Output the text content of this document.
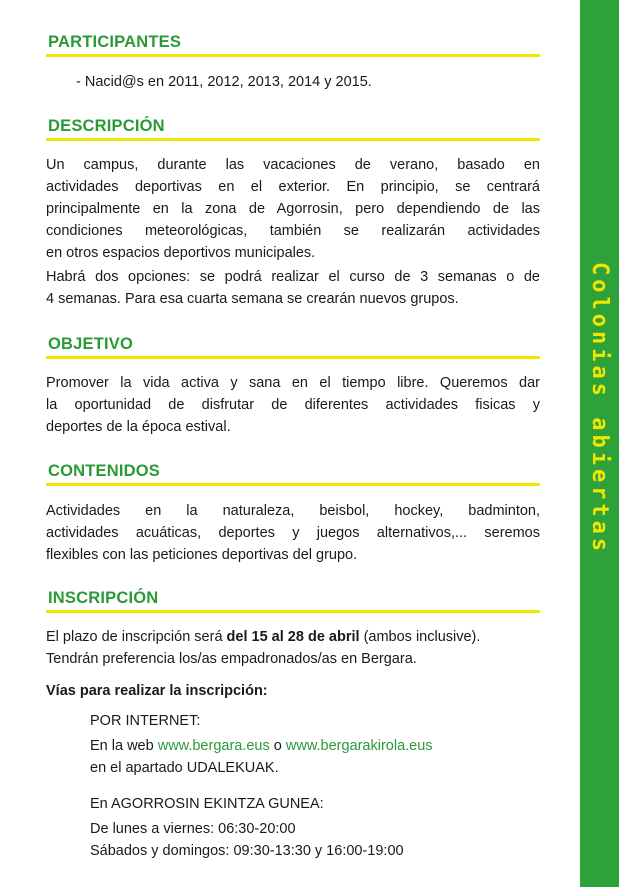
Colonias abiertas
PARTICIPANTES
- Nacid@s en 2011, 2012, 2013, 2014 y 2015.
DESCRIPCIÓN
Un campus, durante las vacaciones de verano, basado en
actividades deportivas en el exterior. En principio, se centrará
principalmente en la zona de Agorrosin, pero dependiendo de las
condiciones meteorológicas, también se realizarán actividades
en otros espacios deportivos municipales.
Habrá dos opciones: se podrá realizar el curso de 3 semanas o de
4 semanas. Para esa cuarta semana se crearán nuevos grupos.
OBJETIVO
Promover la vida activa y sana en el tiempo libre. Queremos dar
la oportunidad de disfrutar de diferentes actividades fisicas y
deportes de la época estival.
CONTENIDOS
Actividades en la naturaleza, beisbol, hockey, badminton,
actividades acuáticas, deportes y juegos alternativos,... seremos
flexibles con las peticiones deportivas del grupo.
INSCRIPCIÓN
El plazo de inscripción será del 15 al 28 de abril (ambos inclusive).
Tendrán preferencia los/as empadronados/as en Bergara.
Vías para realizar la inscripción:
POR INTERNET:
En la web www.bergara.eus o www.bergarakirola.eus
en el apartado UDALEKUAK.
En AGORROSIN EKINTZA GUNEA:
De lunes a viernes: 06:30-20:00
Sábados y domingos: 09:30-13:30 y 16:00-19:00
